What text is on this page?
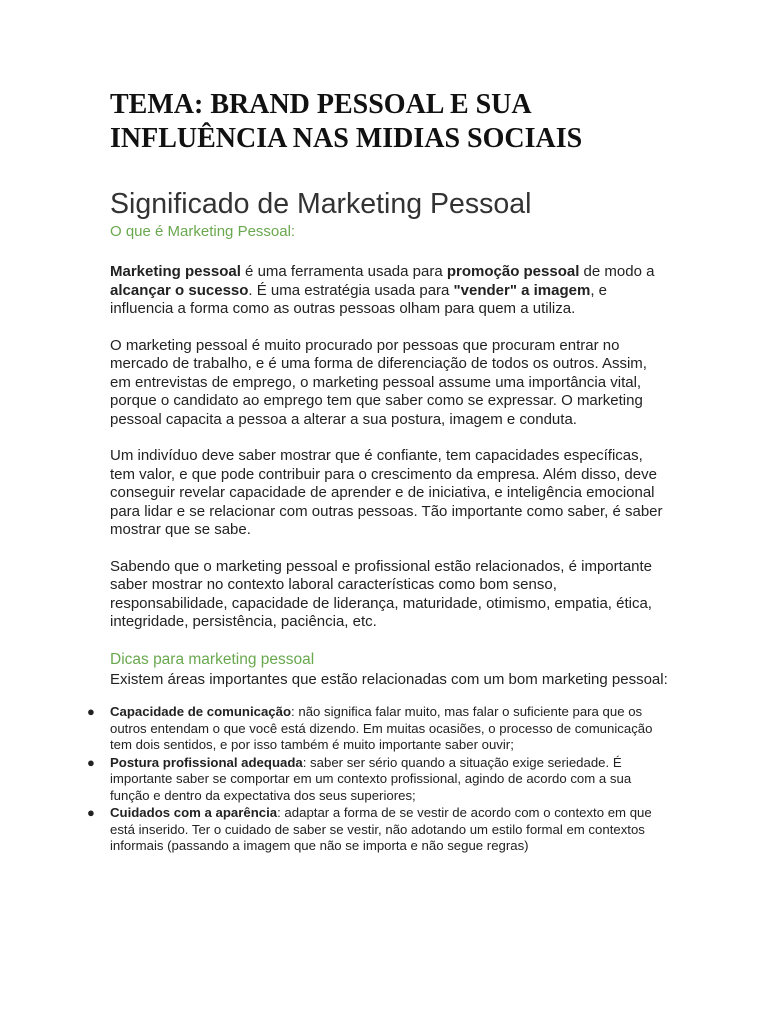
TEMA: BRAND PESSOAL E SUA INFLUÊNCIA NAS MIDIAS SOCIAIS
Significado de Marketing Pessoal
O que é Marketing Pessoal:

Marketing pessoal é uma ferramenta usada para promoção pessoal de modo a alcançar o sucesso. É uma estratégia usada para "vender" a imagem, e influencia a forma como as outras pessoas olham para quem a utiliza.

O marketing pessoal é muito procurado por pessoas que procuram entrar no mercado de trabalho, e é uma forma de diferenciação de todos os outros. Assim, em entrevistas de emprego, o marketing pessoal assume uma importância vital, porque o candidato ao emprego tem que saber como se expressar. O marketing pessoal capacita a pessoa a alterar a sua postura, imagem e conduta.

Um indivíduo deve saber mostrar que é confiante, tem capacidades específicas, tem valor, e que pode contribuir para o crescimento da empresa. Além disso, deve conseguir revelar capacidade de aprender e de iniciativa, e inteligência emocional para lidar e se relacionar com outras pessoas. Tão importante como saber, é saber mostrar que se sabe.

Sabendo que o marketing pessoal e profissional estão relacionados, é importante saber mostrar no contexto laboral características como bom senso, responsabilidade, capacidade de liderança, maturidade, otimismo, empatia, ética, integridade, persistência, paciência, etc.

Dicas para marketing pessoal

Existem áreas importantes que estão relacionadas com um bom marketing pessoal:

● Capacidade de comunicação: não significa falar muito, mas falar o suficiente para que os outros entendam o que você está dizendo. Em muitas ocasiões, o processo de comunicação tem dois sentidos, e por isso também é muito importante saber ouvir;
● Postura profissional adequada: saber ser sério quando a situação exige seriedade. É importante saber se comportar em um contexto profissional, agindo de acordo com a sua função e dentro da expectativa dos seus superiores;
● Cuidados com a aparência: adaptar a forma de se vestir de acordo com o contexto em que está inserido. Ter o cuidado de saber se vestir, não adotando um estilo formal em contextos informais (passando a imagem que não se importa e não segue regras)
